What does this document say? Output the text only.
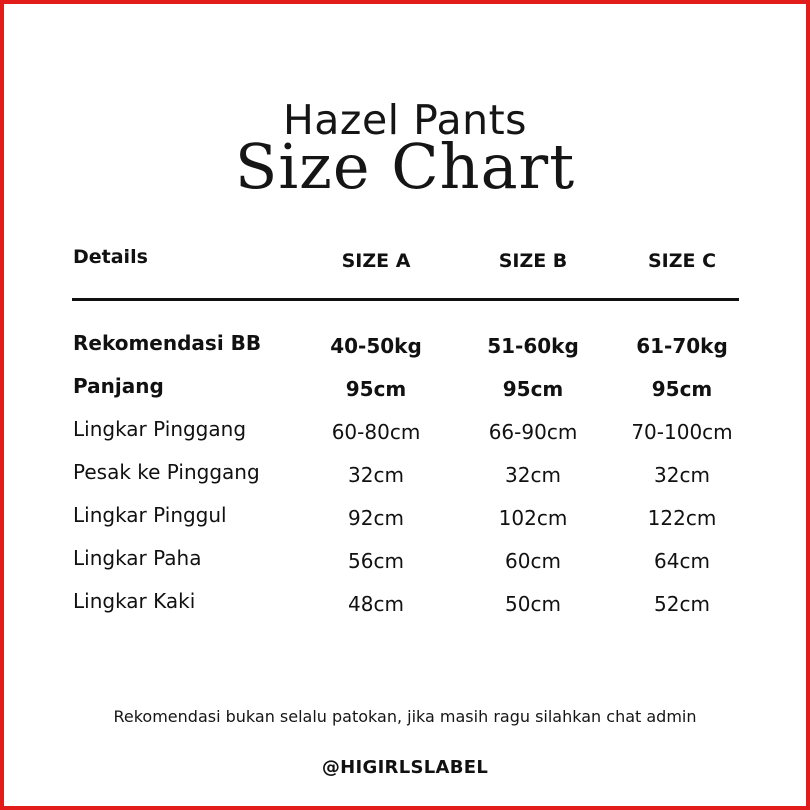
Hazel Pants
Size Chart
Details	SIZE A	SIZE B	SIZE C
Rekomendasi BB	40-50kg	51-60kg	61-70kg
Panjang	95cm	95cm	95cm
Lingkar Pinggang	60-80cm	66-90cm	70-100cm
Pesak ke Pinggang	32cm	32cm	32cm
Lingkar Pinggul	92cm	102cm	122cm
Lingkar Paha	56cm	60cm	64cm
Lingkar Kaki	48cm	50cm	52cm
Rekomendasi bukan selalu patokan, jika masih ragu silahkan chat admin
@HIGIRLSLABEL
